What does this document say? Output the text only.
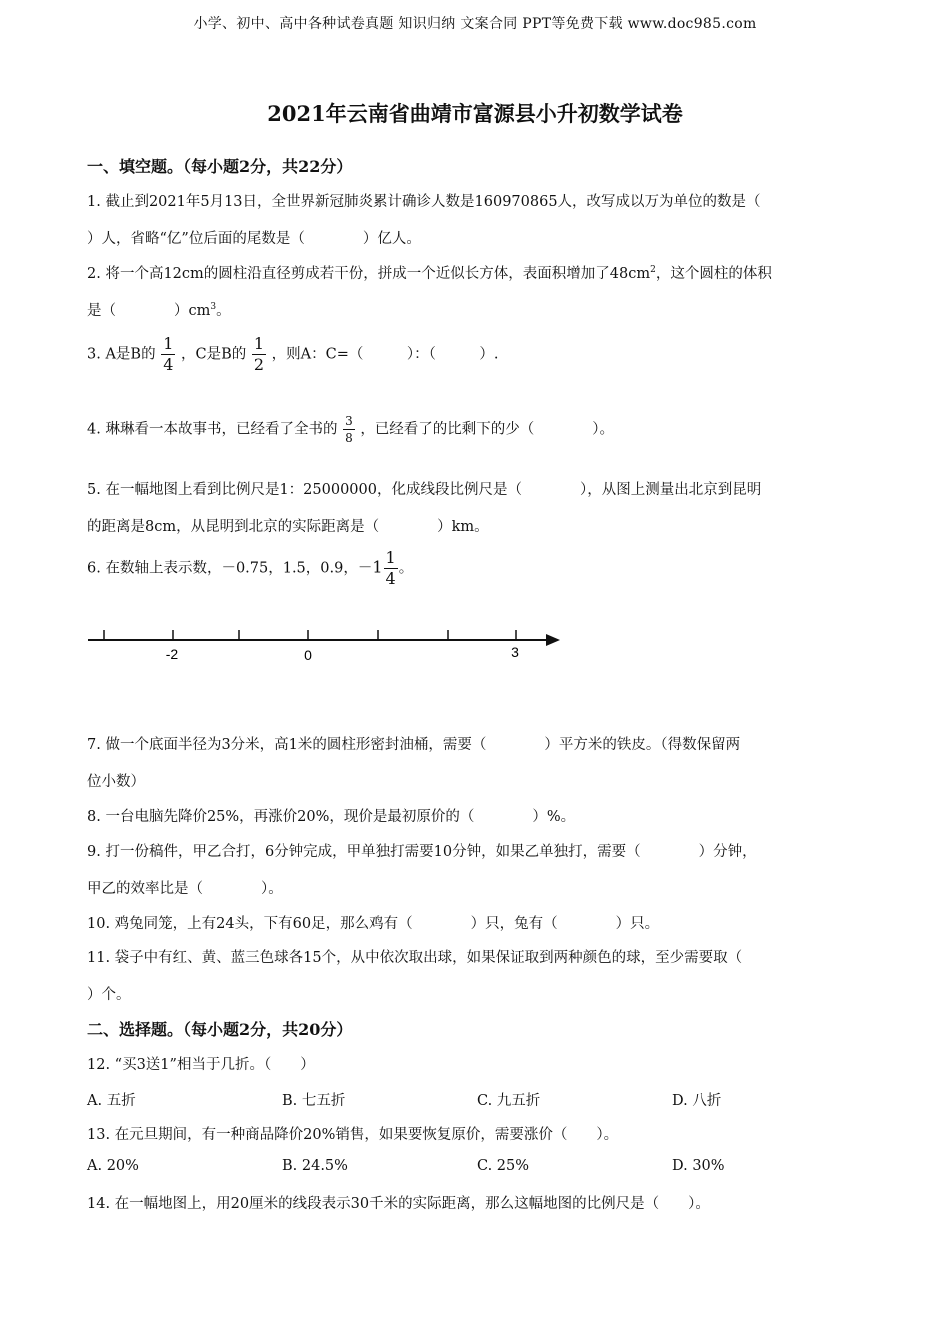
小学、初中、高中各种试卷真题 知识归纳 文案合同 PPT等免费下载 www.doc985.com
2021年云南省曲靖市富源县小升初数学试卷
一、填空题。（每小题2分，共22分）
1. 截止到2021年5月13日，全世界新冠肺炎累计确诊人数是160970865人，改写成以万为单位的数是（
）人，省略“亿”位后面的尾数是（　　　　）亿人。
2. 将一个高12cm的圆柱沿直径剪成若干份，拼成一个近似长方体，表面积增加了$48cm^2$，这个圆柱的体积
是（　　　　）$cm^3$。
3. A是B的 $\frac{1}{4}$ ，C是B的 $\frac{1}{2}$ ，则A：C=（　　　）：（　　　）.
4. 琳琳看一本故事书，已经看了全书的 $\frac{3}{8}$ ，已经看了的比剩下的少（　　　　）。
5. 在一幅地图上看到比例尺是1：25000000，化成线段比例尺是（　　　　），从图上测量出北京到昆明
的距离是8cm，从昆明到北京的实际距离是（　　　　）km。
6. 在数轴上表示数，－0.75，1.5，0.9，$-1 \frac{1}{4}$ 。
-2	0	3
7. 做一个底面半径为3分米，高1米的圆柱形密封油桶，需要（　　　　）平方米的铁皮。（得数保留两
位小数）
8. 一台电脑先降价25%，再涨价20%，现价是最初原价的（　　　　）%。
9. 打一份稿件，甲乙合打，6分钟完成，甲单独打需要10分钟，如果乙单独打，需要（　　　　）分钟，
甲乙的效率比是（　　　　）。
10. 鸡兔同笼，上有24头，下有60足，那么鸡有（　　　　）只，兔有（　　　　）只。
11. 袋子中有红、黄、蓝三色球各15个，从中依次取出球，如果保证取到两种颜色的球，至少需要取（
）个。
二、选择题。（每小题2分，共20分）
12. “买3送1”相当于几折。（　　）
A. 五折	B. 七五折	C. 九五折	D. 八折
13. 在元旦期间，有一种商品降价20%销售，如果要恢复原价，需要涨价（　　）。
A. 20%	B. 24.5%	C. 25%	D. 30%
14. 在一幅地图上，用20厘米的线段表示30千米的实际距离，那么这幅地图的比例尺是（　　）。
